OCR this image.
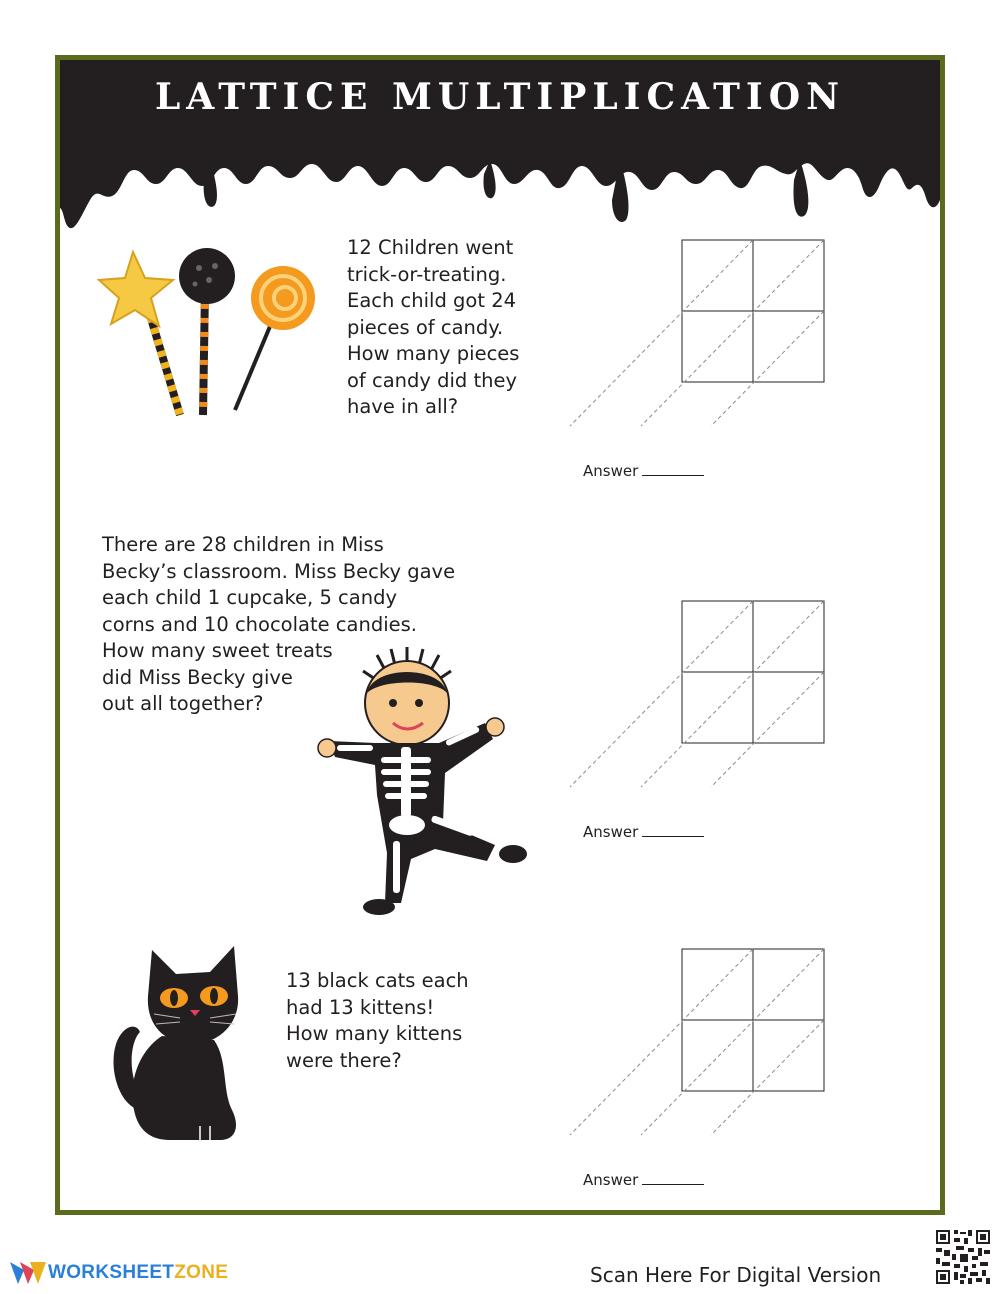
LATTICE MULTIPLICATION
12 Children went
trick-or-treating.
Each child got 24
pieces of candy.
How many pieces
of candy did they
have in all?
Answer
There are 28 children in Miss
Becky’s classroom. Miss Becky gave
each child 1 cupcake, 5 candy
corns and 10 chocolate candies.
How many sweet treats
did Miss Becky give
out all together?
Answer
13 black cats each
had 13 kittens!
How many kittens
were there?
Answer
WORKSHEETZONE	Scan Here For Digital Version
